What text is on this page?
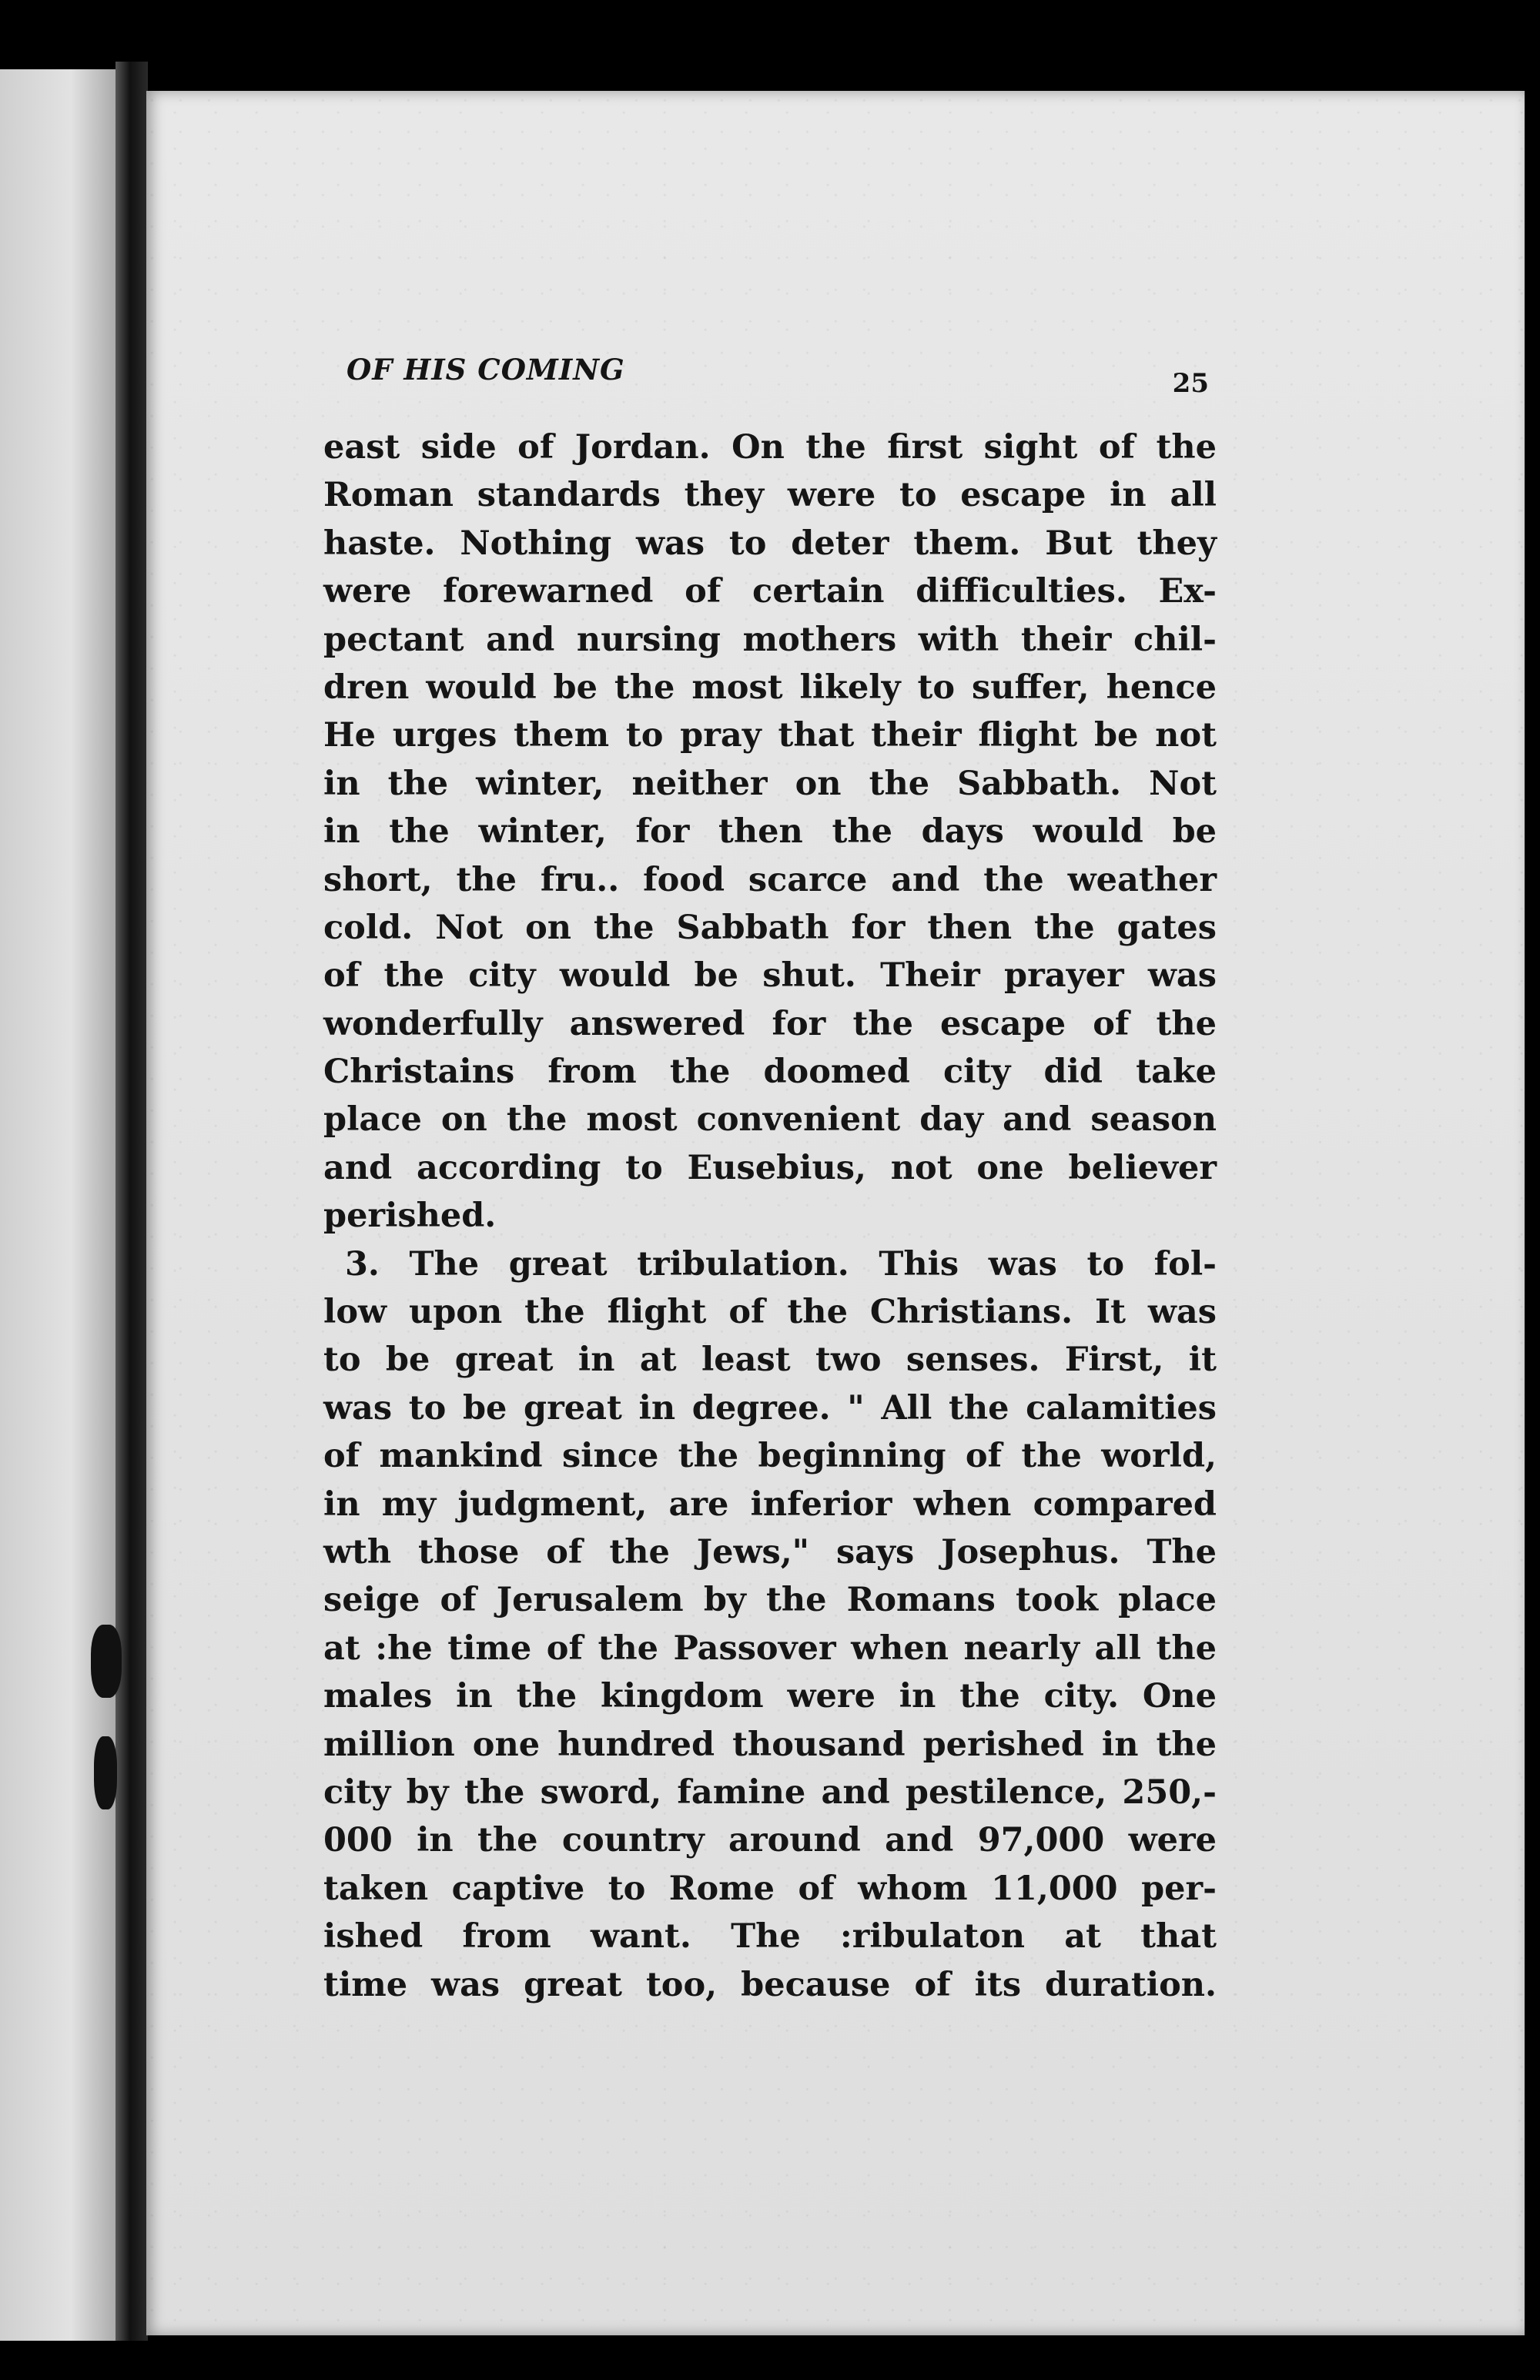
OF HIS COMING	25
east side of Jordan. On the first sight of the
Roman standards they were to escape in all
haste. Nothing was to deter them. But they
were forewarned of certain difficulties. Ex-
pectant and nursing mothers with their chil-
dren would be the most likely to suffer, hence
He urges them to pray that their flight be not
in the winter, neither on the Sabbath. Not
in the winter, for then the days would be
short, the fru.. food scarce and the weather
cold. Not on the Sabbath for then the gates
of the city would be shut. Their prayer was
wonderfully answered for the escape of the
Christains from the doomed city did take
place on the most convenient day and season
and according to Eusebius, not one believer
perished.
3. The great tribulation. This was to fol-
low upon the flight of the Christians. It was
to be great in at least two senses. First, it
was to be great in degree. " All the calamities
of mankind since the beginning of the world,
in my judgment, are inferior when compared
wth those of the Jews," says Josephus. The
seige of Jerusalem by the Romans took place
at :he time of the Passover when nearly all the
males in the kingdom were in the city. One
million one hundred thousand perished in the
city by the sword, famine and pestilence, 250,-
000 in the country around and 97,000 were
taken captive to Rome of whom 11,000 per-
ished from want. The :ribulaton at that
time was great too, because of its duration.
